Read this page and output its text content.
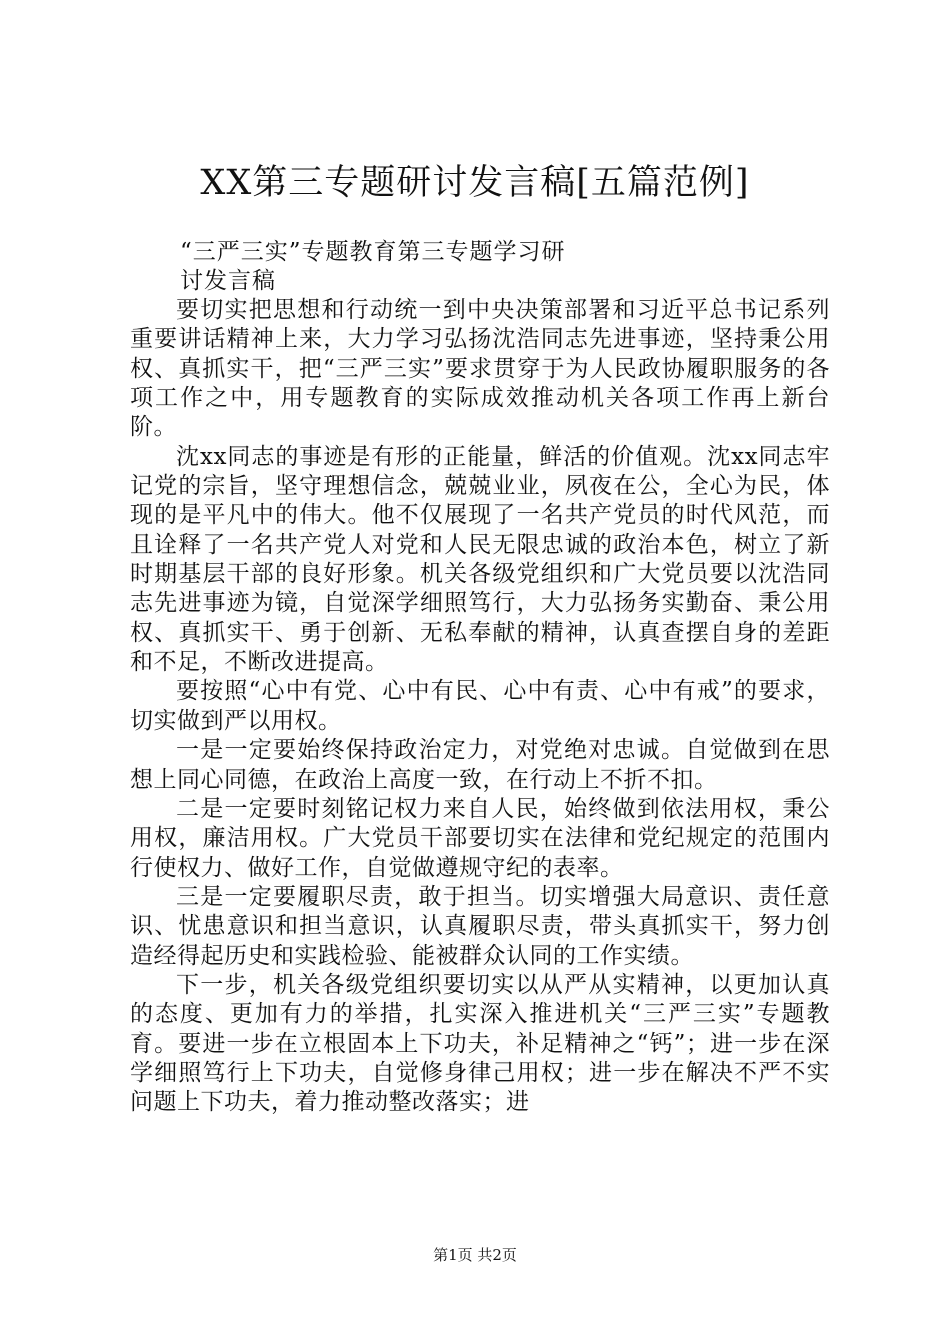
XX第三专题研讨发言稿[五篇范例]
“三严三实”专题教育第三专题学习研
讨发言稿

要切实把思想和行动统一到中央决策部署和习近平总书记系列重要讲话精神上来，大力学习弘扬沈浩同志先进事迹，坚持秉公用权、真抓实干，把“三严三实”要求贯穿于为人民政协履职服务的各项工作之中，用专题教育的实际成效推动机关各项工作再上新台阶。

沈xx同志的事迹是有形的正能量，鲜活的价值观。沈xx同志牢记党的宗旨，坚守理想信念，兢兢业业，夙夜在公，全心为民，体现的是平凡中的伟大。他不仅展现了一名共产党员的时代风范，而且诠释了一名共产党人对党和人民无限忠诚的政治本色，树立了新时期基层干部的良好形象。机关各级党组织和广大党员要以沈浩同志先进事迹为镜，自觉深学细照笃行，大力弘扬务实勤奋、秉公用权、真抓实干、勇于创新、无私奉献的精神，认真查摆自身的差距和不足，不断改进提高。

要按照“心中有党、心中有民、心中有责、心中有戒”的要求，切实做到严以用权。

一是一定要始终保持政治定力，对党绝对忠诚。自觉做到在思想上同心同德，在政治上高度一致，在行动上不折不扣。

二是一定要时刻铭记权力来自人民，始终做到依法用权，秉公用权，廉洁用权。广大党员干部要切实在法律和党纪规定的范围内行使权力、做好工作，自觉做遵规守纪的表率。

三是一定要履职尽责，敢于担当。切实增强大局意识、责任意识、忧患意识和担当意识，认真履职尽责，带头真抓实干，努力创造经得起历史和实践检验、能被群众认同的工作实绩。

下一步，机关各级党组织要切实以从严从实精神，以更加认真的态度、更加有力的举措，扎实深入推进机关“三严三实”专题教育。要进一步在立根固本上下功夫，补足精神之“钙”；进一步在深学细照笃行上下功夫，自觉修身律己用权；进一步在解决不严不实问题上下功夫，着力推动整改落实；进

第1页 共2页
